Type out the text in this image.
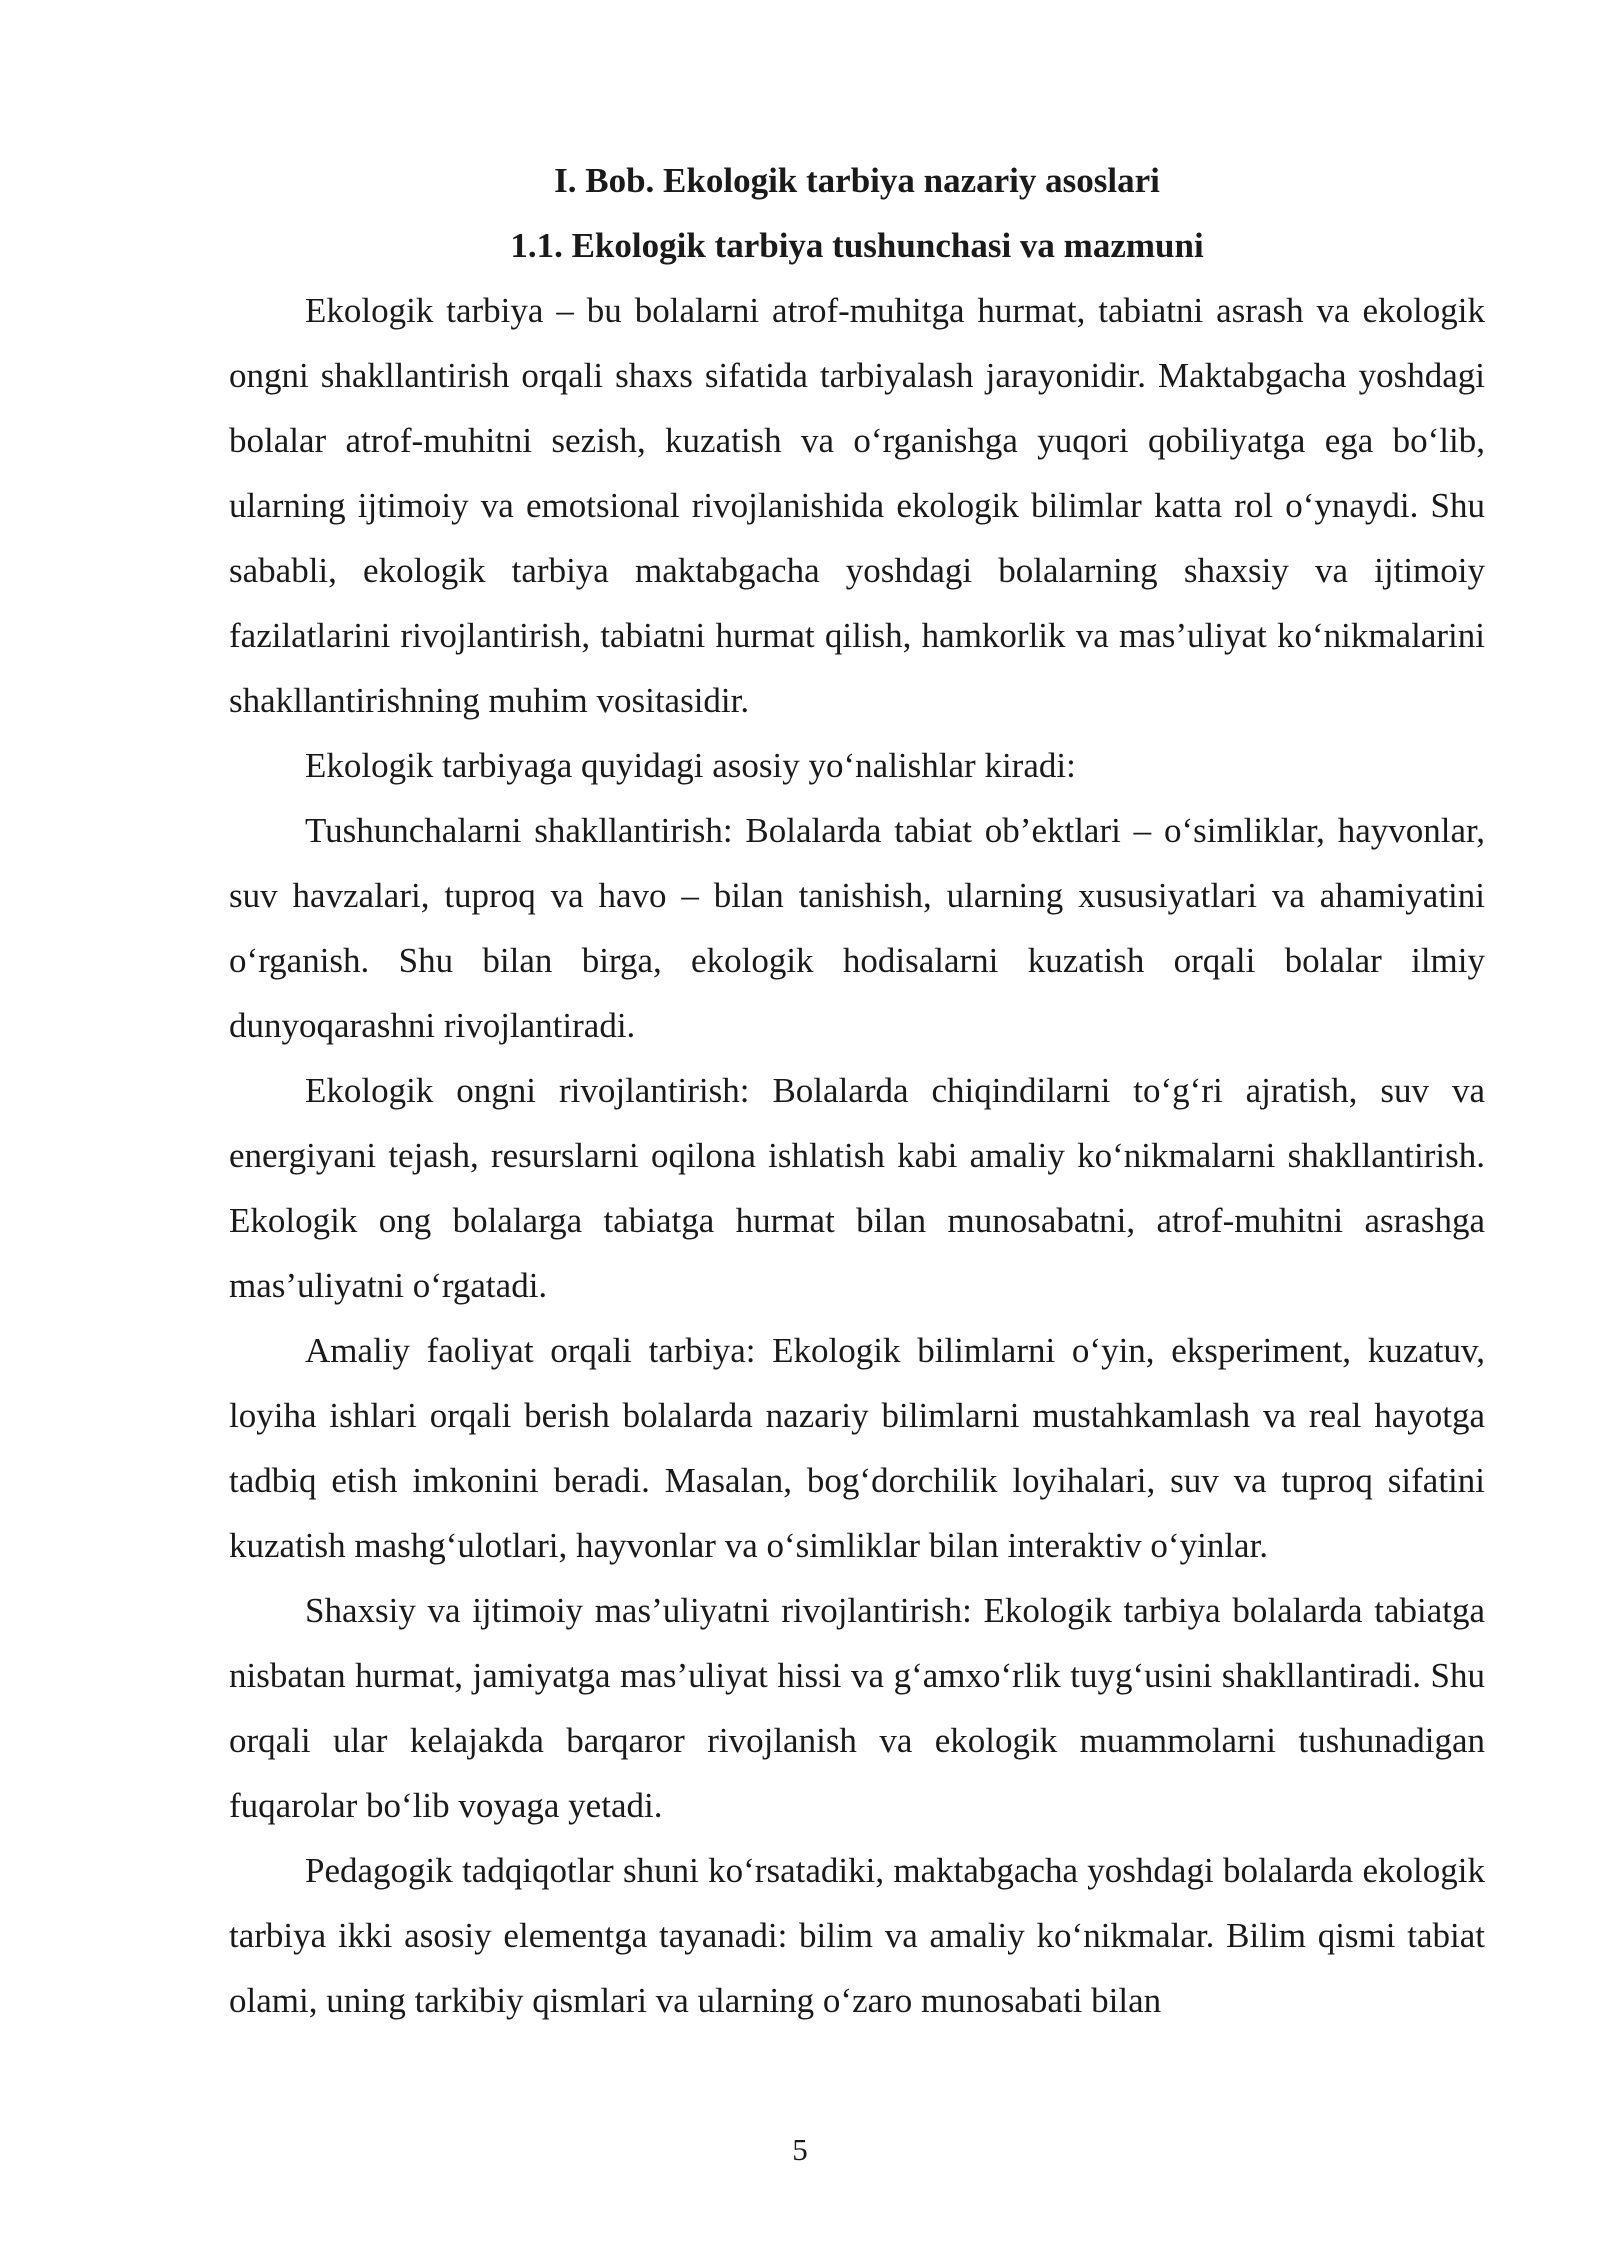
I. Bob. Ekologik tarbiya nazariy asoslari
1.1. Ekologik tarbiya tushunchasi va mazmuni

Ekologik tarbiya – bu bolalarni atrof-muhitga hurmat, tabiatni asrash va ekologik ongni shakllantirish orqali shaxs sifatida tarbiyalash jarayonidir. Maktabgacha yoshdagi bolalar atrof-muhitni sezish, kuzatish va o‘rganishga yuqori qobiliyatga ega bo‘lib, ularning ijtimoiy va emotsional rivojlanishida ekologik bilimlar katta rol o‘ynaydi. Shu sababli, ekologik tarbiya maktabgacha yoshdagi bolalarning shaxsiy va ijtimoiy fazilatlarini rivojlantirish, tabiatni hurmat qilish, hamkorlik va mas’uliyat ko‘nikmalarini shakllantirishning muhim vositasidir.

Ekologik tarbiyaga quyidagi asosiy yo‘nalishlar kiradi:

Tushunchalarni shakllantirish: Bolalarda tabiat ob’ektlari – o‘simliklar, hayvonlar, suv havzalari, tuproq va havo – bilan tanishish, ularning xususiyatlari va ahamiyatini o‘rganish. Shu bilan birga, ekologik hodisalarni kuzatish orqali bolalar ilmiy dunyoqarashni rivojlantiradi.

Ekologik ongni rivojlantirish: Bolalarda chiqindilarni to‘g‘ri ajratish, suv va energiyani tejash, resurslarni oqilona ishlatish kabi amaliy ko‘nikmalarni shakllantirish. Ekologik ong bolalarga tabiatga hurmat bilan munosabatni, atrof-muhitni asrashga mas’uliyatni o‘rgatadi.

Amaliy faoliyat orqali tarbiya: Ekologik bilimlarni o‘yin, eksperiment, kuzatuv, loyiha ishlari orqali berish bolalarda nazariy bilimlarni mustahkamlash va real hayotga tadbiq etish imkonini beradi. Masalan, bog‘dorchilik loyihalari, suv va tuproq sifatini kuzatish mashg‘ulotlari, hayvonlar va o‘simliklar bilan interaktiv o‘yinlar.

Shaxsiy va ijtimoiy mas’uliyatni rivojlantirish: Ekologik tarbiya bolalarda tabiatga nisbatan hurmat, jamiyatga mas’uliyat hissi va g‘amxo‘rlik tuyg‘usini shakllantiradi. Shu orqali ular kelajakda barqaror rivojlanish va ekologik muammolarni tushunadigan fuqarolar bo‘lib voyaga yetadi.

Pedagogik tadqiqotlar shuni ko‘rsatadiki, maktabgacha yoshdagi bolalarda ekologik tarbiya ikki asosiy elementga tayanadi: bilim va amaliy ko‘nikmalar. Bilim qismi tabiat olami, uning tarkibiy qismlari va ularning o‘zaro munosabati bilan

5
